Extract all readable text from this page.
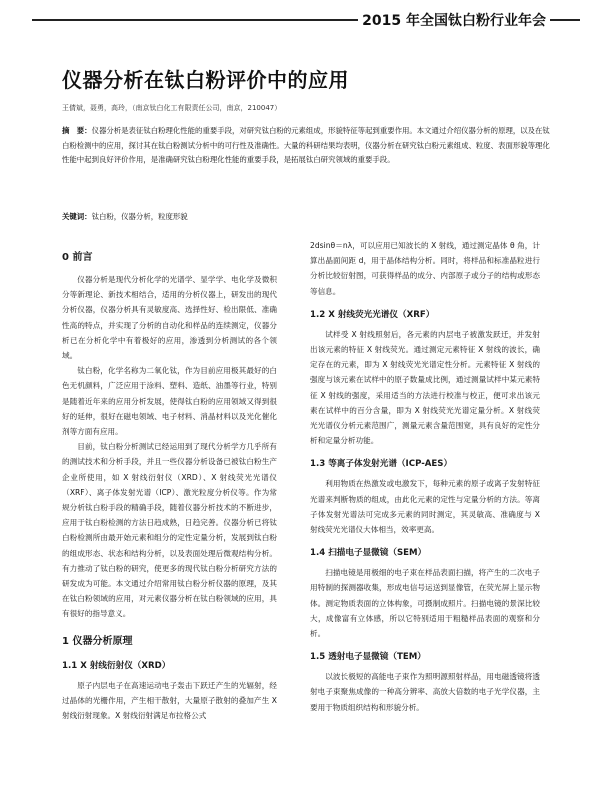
2015 年全国钛白粉行业年会
仪器分析在钛白粉评价中的应用
王倩斌，聂勇，高玲，（南京钛白化工有限责任公司，南京，210047）
摘　要：仪器分析是表征钛白粉理化性能的重要手段，对研究钛白粉的元素组成，形貌特征等起到重要作用。本文通过介绍仪器分析的原理，以及在钛白粉检测中的应用，探讨其在钛白粉测试分析中的可行性及准确性。大量的科研结果均表明，仪器分析在研究钛白粉元素组成、粒度、表面形貌等理化性能中起到良好评价作用，是准确研究钛白粉理化性能的重要手段，是拓展钛白研究领域的重要手段。
关键词：钛白粉，仪器分析，粒度形貌
0 前言

仪器分析是现代分析化学的光谱学、显学学、电化学及微积分等新理论、新技术相结合，适用的分析仪器上，研发出的现代分析仪器，仪器分析具有灵敏度高、选择性好、检出限低、准确性高的特点，并实现了分析的自动化和样品的连续测定，仪器分析已在分析化学中有着极好的应用，渗透到分析测试的各个领域。

钛白粉，化学名称为二氧化钛，作为目前应用极其最好的白色无机颜料，广泛应用于涂料、塑料、造纸、油墨等行业，特别是随着近年来的应用分析发展，使得钛白粉的应用领域又得到很好的延伸，很好在磁电领域、电子材料、消晶材料以及光化催化剂等方面有应用。

目前，钛白粉分析测试已经运用到了现代分析学方几乎所有的测试技术和分析手段，并且一些仪器分析设备已被钛白粉生产企业所使用，如 X 射线衍射仪（XRD）、X 射线荧光光谱仪（XRF）、离子体发射光谱（ICP）、激光粒度分析仪等。作为常规分析钛白粉手段的精确手段，随着仪器分析技术的不断进步，应用于钛白粉检测的方法日趋成熟，日趋完善。仪器分析已将钛白粉检测所由最开始元素和组分的定性定量分析，发展到钛白粉的组成形态、状态和结构分析，以及表面处理后微观结构分析。有力推动了钛白粉的研究，使更多的现代钛白粉分析研究方法的研发成为可能。本文通过介绍常用钛白粉分析仪器的原理，及其在钛白粉领域的应用，对元素仪器分析在钛白粉领域的应用，具有很好的指导意义。

1 仪器分析原理
1.1 X 射线衍射仪（XRD）

原子内层电子在高速运动电子轰击下跃迁产生的光辐射，经过晶体的光栅作用，产生相干散射，大量原子散射的叠加产生 X 射线衍射现象。X 射线衍射满足布拉格公式

2dsinθ＝nλ，可以应用已知波长的 X 射线，通过测定晶体 θ 角，计算出晶面间距 d，用于晶体结构分析。同时，将样品和标准晶粒进行分析比较衍射图，可获得样品的成分、内部原子或分子的结构或形态等信息。

1.2 X 射线荧光光谱仪（XRF）

试样受 X 射线照射后，各元素的内层电子被激发跃迁，并发射出该元素的特征 X 射线荧光。通过测定元素特征 X 射线的波长，确定存在的元素，即为 X 射线荧光光谱定性分析。元素特征 X 射线的强度与该元素在试样中的原子数量成比例，通过测量试样中某元素特征 X 射线的强度，采用适当的方法进行校准与校正，便可求出该元素在试样中的百分含量，即为 X 射线荧光光谱定量分析。X 射线荧光光谱仪分析元素范围广，测量元素含量范围宽，具有良好的定性分析和定量分析功能。

1.3 等离子体发射光谱（ICP-AES）

利用物质在热激发或电激发下，每种元素的原子或离子发射特征光谱来判断物质的组成，由此化元素的定性与定量分析的方法。等离子体发射光谱法可完成多元素的同时测定，其灵敏高、准确度与 X 射线荧光光谱仪大体相当，效率更高。

1.4 扫描电子显微镜（SEM）

扫描电镜是用极细的电子束在样品表面扫描，将产生的二次电子用特制的探测器收集，形成电信号运送到显像管，在荧光屏上显示物体。测定物质表面的立体构象，可摄制成照片。扫描电镜的景深比较大，成像富有立体感，所以它特别适用于粗糙样品表面的观察和分析。

1.5 透射电子显微镜（TEM）

以波长极短的高能电子束作为照明源照射样品，用电磁透镜将透射电子束聚焦成像的一种高分辨率、高放大倍数的电子光学仪器，主要用于物质组织结构和形貌分析。
